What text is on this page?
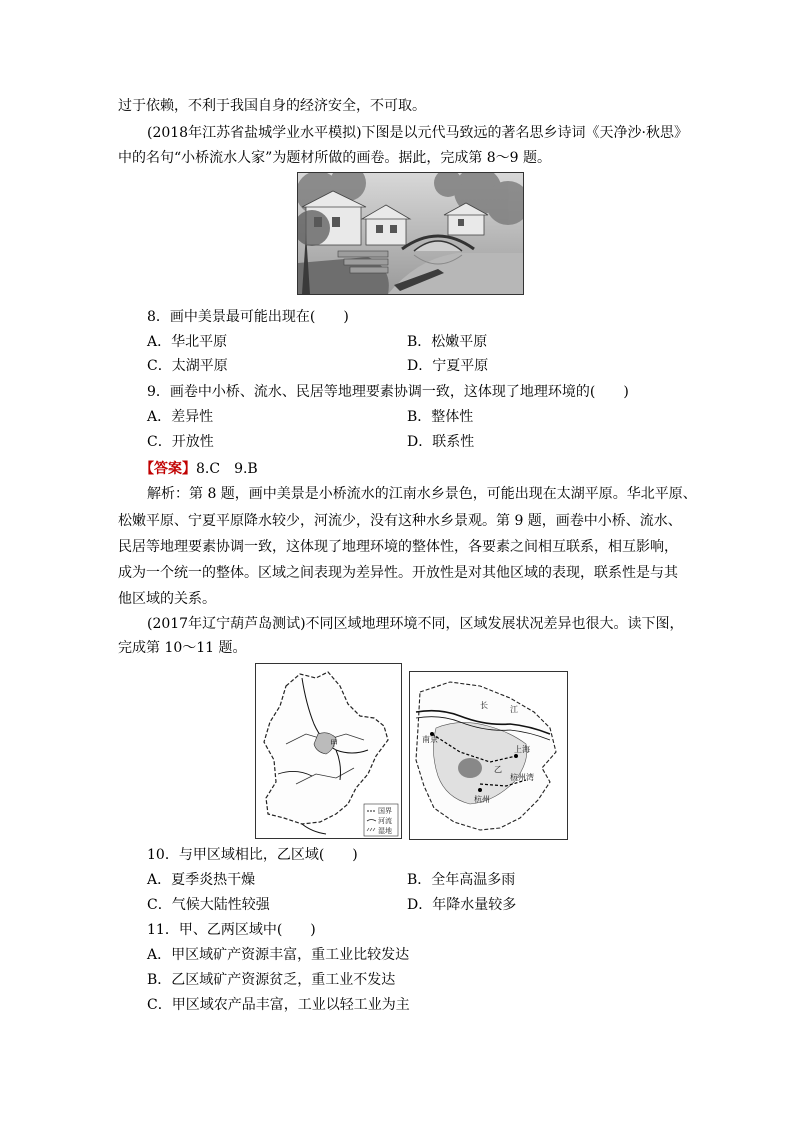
过于依赖，不利于我国自身的经济安全，不可取。
(2018年江苏省盐城学业水平模拟)下图是以元代马致远的著名思乡诗词《天净沙·秋思》
中的名句“小桥流水人家”为题材所做的画卷。据此，完成第 8～9 题。
8．画中美景最可能出现在(　　)
A．华北平原	B．松嫩平原
C．太湖平原	D．宁夏平原
9．画卷中小桥、流水、民居等地理要素协调一致，这体现了地理环境的(　　)
A．差异性	B．整体性
C．开放性	D．联系性
【答案】8.C　9.B
解析：第 8 题，画中美景是小桥流水的江南水乡景色，可能出现在太湖平原。华北平原、
松嫩平原、宁夏平原降水较少，河流少，没有这种水乡景观。第 9 题，画卷中小桥、流水、
民居等地理要素协调一致，这体现了地理环境的整体性，各要素之间相互联系，相互影响，
成为一个统一的整体。区域之间表现为差异性。开放性是对其他区域的表现，联系性是与其
他区域的关系。
(2017年辽宁葫芦岛测试)不同区域地理环境不同，区域发展状况差异也很大。读下图，
完成第 10～11 题。
甲
国界
河流
湿地
长	江
南京
上海
杭州
杭州湾
乙
10．与甲区域相比，乙区域(　　)
A．夏季炎热干燥	B．全年高温多雨
C．气候大陆性较强	D．年降水量较多
11．甲、乙两区域中(　　)
A．甲区域矿产资源丰富，重工业比较发达
B．乙区域矿产资源贫乏，重工业不发达
C．甲区域农产品丰富，工业以轻工业为主
